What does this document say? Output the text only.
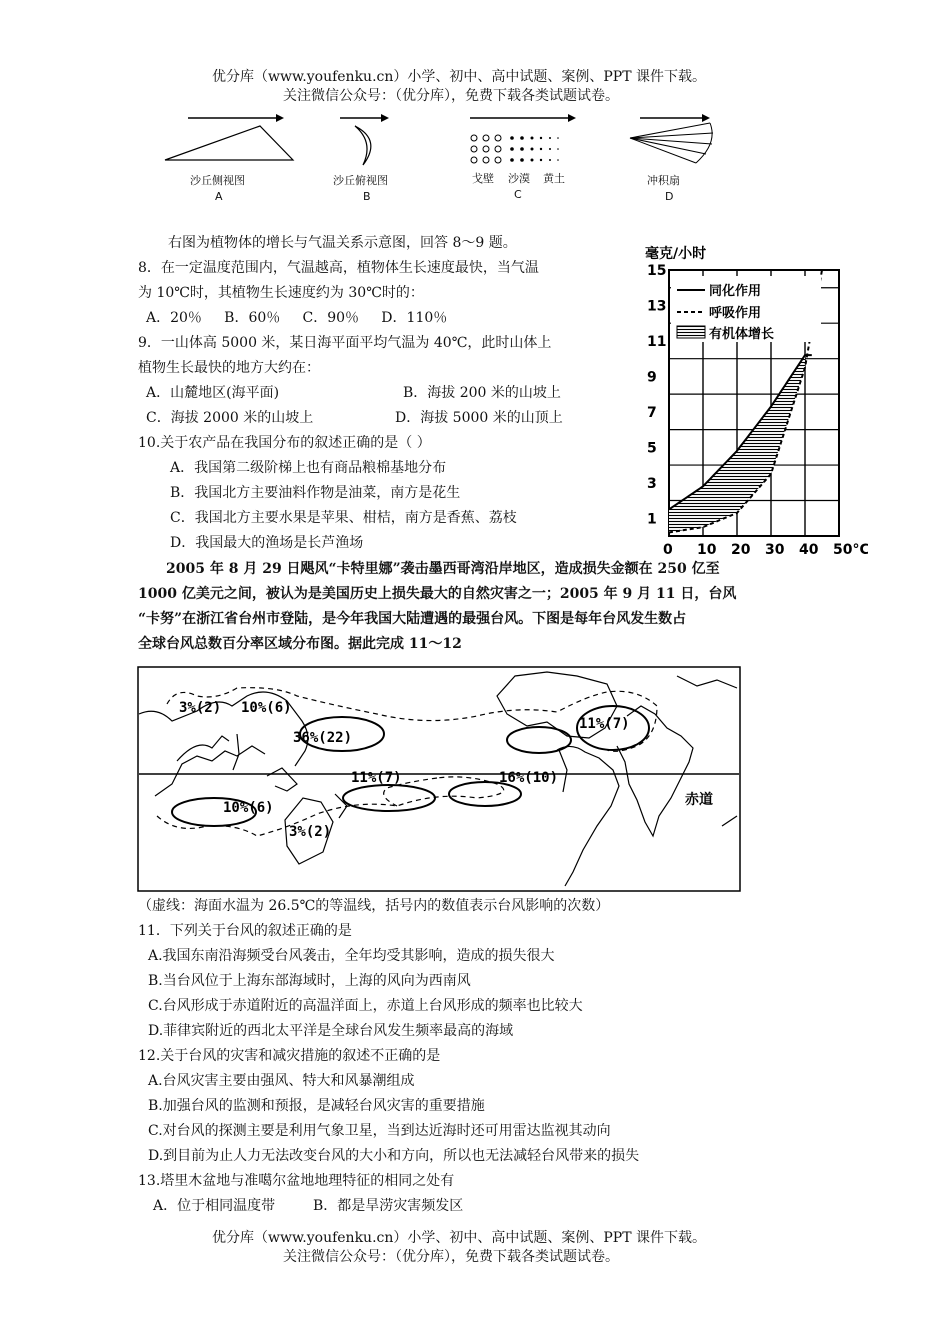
优分库（www.youfenku.cn）小学、初中、高中试题、案例、PPT 课件下载。
关注微信公众号：（优分库），免费下载各类试题试卷。
沙丘侧视图
A
沙丘俯视图
B
戈壁 沙漠 黄土
C
冲积扇
D
右图为植物体的增长与气温关系示意图，回答 8～9 题。
8．在一定温度范围内，气温越高，植物体生长速度最快，当气温
为 10℃时，其植物生长速度约为 30℃时的：
A．20％     B．60％     C．90％     D．110％
9．一山体高 5000 米，某日海平面平均气温为 40℃，此时山体上
植物生长最快的地方大约在：
A．山麓地区(海平面)	B．海拔 200 米的山坡上
C．海拔 2000 米的山坡上	D．海拔 5000 米的山顶上
10.关于农产品在我国分布的叙述正确的是（ ）
A．我国第二级阶梯上也有商品粮棉基地分布
B．我国北方主要油料作物是油菜，南方是花生
C．我国北方主要水果是苹果、柑桔，南方是香蕉、荔枝
D．我国最大的渔场是长芦渔场
毫克/小时
15
13
11
9
7
5
3
1
0 10 20 30 40 50°C
同化作用
呼吸作用
有机体增长
2005 年 8 月 29 日飓风“卡特里娜”袭击墨西哥湾沿岸地区，造成损失金额在 250 亿至
1000 亿美元之间，被认为是美国历史上损失最大的自然灾害之一；2005 年 9 月 11 日，台风
“卡努”在浙江省台州市登陆，是今年我国大陆遭遇的最强台风。下图是每年台风发生数占
全球台风总数百分率区域分布图。据此完成 11～12
3%(2) 10%(6)
36%(22)
11%(7)
10%(6)
3%(2)
16%(10)
11%(7)
赤道
（虚线：海面水温为 26.5℃的等温线，括号内的数值表示台风影响的次数）
11．下列关于台风的叙述正确的是
A.我国东南沿海频受台风袭击，全年均受其影响，造成的损失很大
B.当台风位于上海东部海域时，上海的风向为西南风
C.台风形成于赤道附近的高温洋面上，赤道上台风形成的频率也比较大
D.菲律宾附近的西北太平洋是全球台风发生频率最高的海域
12.关于台风的灾害和减灾措施的叙述不正确的是
A.台风灾害主要由强风、特大和风暴潮组成
B.加强台风的监测和预报，是减轻台风灾害的重要措施
C.对台风的探测主要是利用气象卫星，当到达近海时还可用雷达监视其动向
D.到目前为止人力无法改变台风的大小和方向，所以也无法减轻台风带来的损失
13.塔里木盆地与准噶尔盆地地理特征的相同之处有
A．位于相同温度带	B．都是旱涝灾害频发区
优分库（www.youfenku.cn）小学、初中、高中试题、案例、PPT 课件下载。
关注微信公众号：（优分库），免费下载各类试题试卷。
